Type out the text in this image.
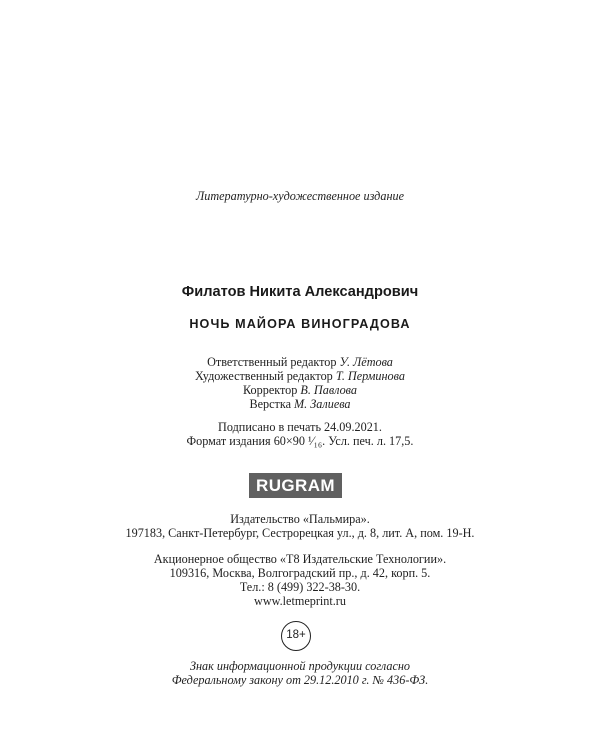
Литературно-художественное издание
Филатов Никита Александрович
НОЧЬ МАЙОРА ВИНОГРАДОВА
Ответственный редактор У. Лётова
Художественный редактор Т. Перминова
Корректор В. Павлова
Верстка М. Залиева
Подписано в печать 24.09.2021.
Формат издания 60×90 ¹⁄₁₆. Усл. печ. л. 17,5.
RUGRAM
Издательство «Пальмира».
197183, Санкт-Петербург, Сестрорецкая ул., д. 8, лит. А, пом. 19-Н.
Акционерное общество «Т8 Издательские Технологии».
109316, Москва, Волгоградский пр., д. 42, корп. 5.
Тел.: 8 (499) 322-38-30.
www.letmeprint.ru
18+
Знак информационной продукции согласно
Федеральному закону от 29.12.2010 г. № 436-ФЗ.
